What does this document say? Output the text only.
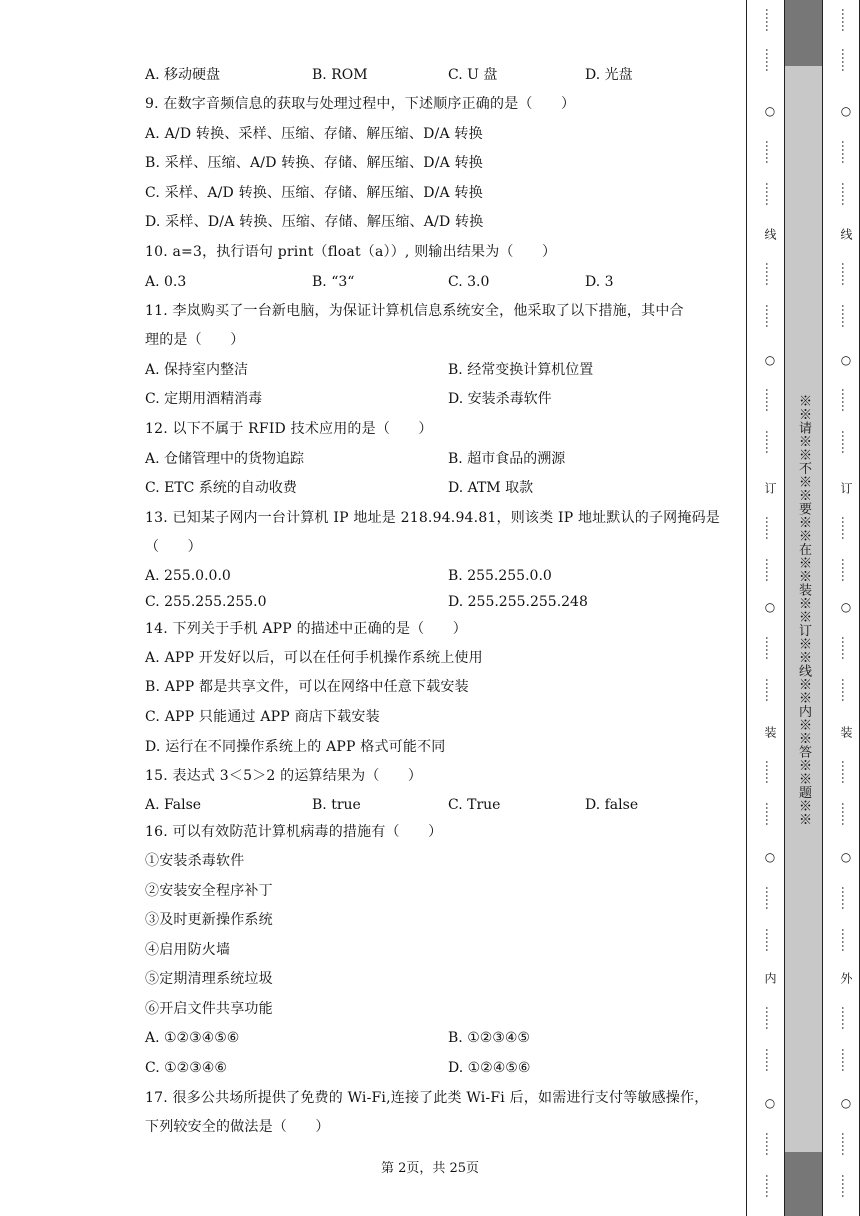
A. 移动硬盘	B. ROM	C. U 盘	D. 光盘
9. 在数字音频信息的获取与处理过程中，下述顺序正确的是（　　）
A. A/D 转换、采样、压缩、存储、解压缩、D/A 转换
B. 采样、压缩、A/D 转换、存储、解压缩、D/A 转换
C. 采样、A/D 转换、压缩、存储、解压缩、D/A 转换
D. 采样、D/A 转换、压缩、存储、解压缩、A/D 转换
10. a=3，执行语句 print（float（a））, 则输出结果为（　　）
A. 0.3	B. “3“	C. 3.0	D. 3
11. 李岚购买了一台新电脑，为保证计算机信息系统安全，他采取了以下措施，其中合
理的是（　　）
A. 保持室内整洁	B. 经常变换计算机位置
C. 定期用酒精消毒	D. 安装杀毒软件
12. 以下不属于 RFID 技术应用的是（　　）
A. 仓储管理中的货物追踪	B. 超市食品的溯源
C. ETC 系统的自动收费	D. ATM 取款
13. 已知某子网内一台计算机 IP 地址是 218.94.94.81，则该类 IP 地址默认的子网掩码是
（　　）
A. 255.0.0.0	B. 255.255.0.0
C. 255.255.255.0	D. 255.255.255.248
14. 下列关于手机 APP 的描述中正确的是（　　）
A. APP 开发好以后，可以在任何手机操作系统上使用
B. APP 都是共享文件，可以在网络中任意下载安装
C. APP 只能通过 APP 商店下载安装
D. 运行在不同操作系统上的 APP 格式可能不同
15. 表达式 3＜5＞2 的运算结果为（　　）
A. False	B. true	C. True	D. false
16. 可以有效防范计算机病毒的措施有（　　）
①安装杀毒软件
②安装安全程序补丁
③及时更新操作系统
④启用防火墙
⑤定期清理系统垃圾
⑥开启文件共享功能
A. ①②③④⑤⑥	B. ①②③④⑤
C. ①②③④⑥	D. ①②④⑤⑥
17. 很多公共场所提供了免费的 Wi-Fi,连接了此类 Wi-Fi 后，如需进行支付等敏感操作，
下列较安全的做法是（　　）
第 2页，共 25页
※※请※※不※※要※※在※※装※※订※※线※※内※※答※※题※※
……
……
○
……
……
线
……
……
○
……
……
订
……
……
○
……
……
装
……
……
○
……
……
内
……
……
○
……
……
……
……
○
……
……
线
……
……
○
……
……
订
……
……
○
……
……
装
……
……
○
……
……
外
……
……
○
……
……
